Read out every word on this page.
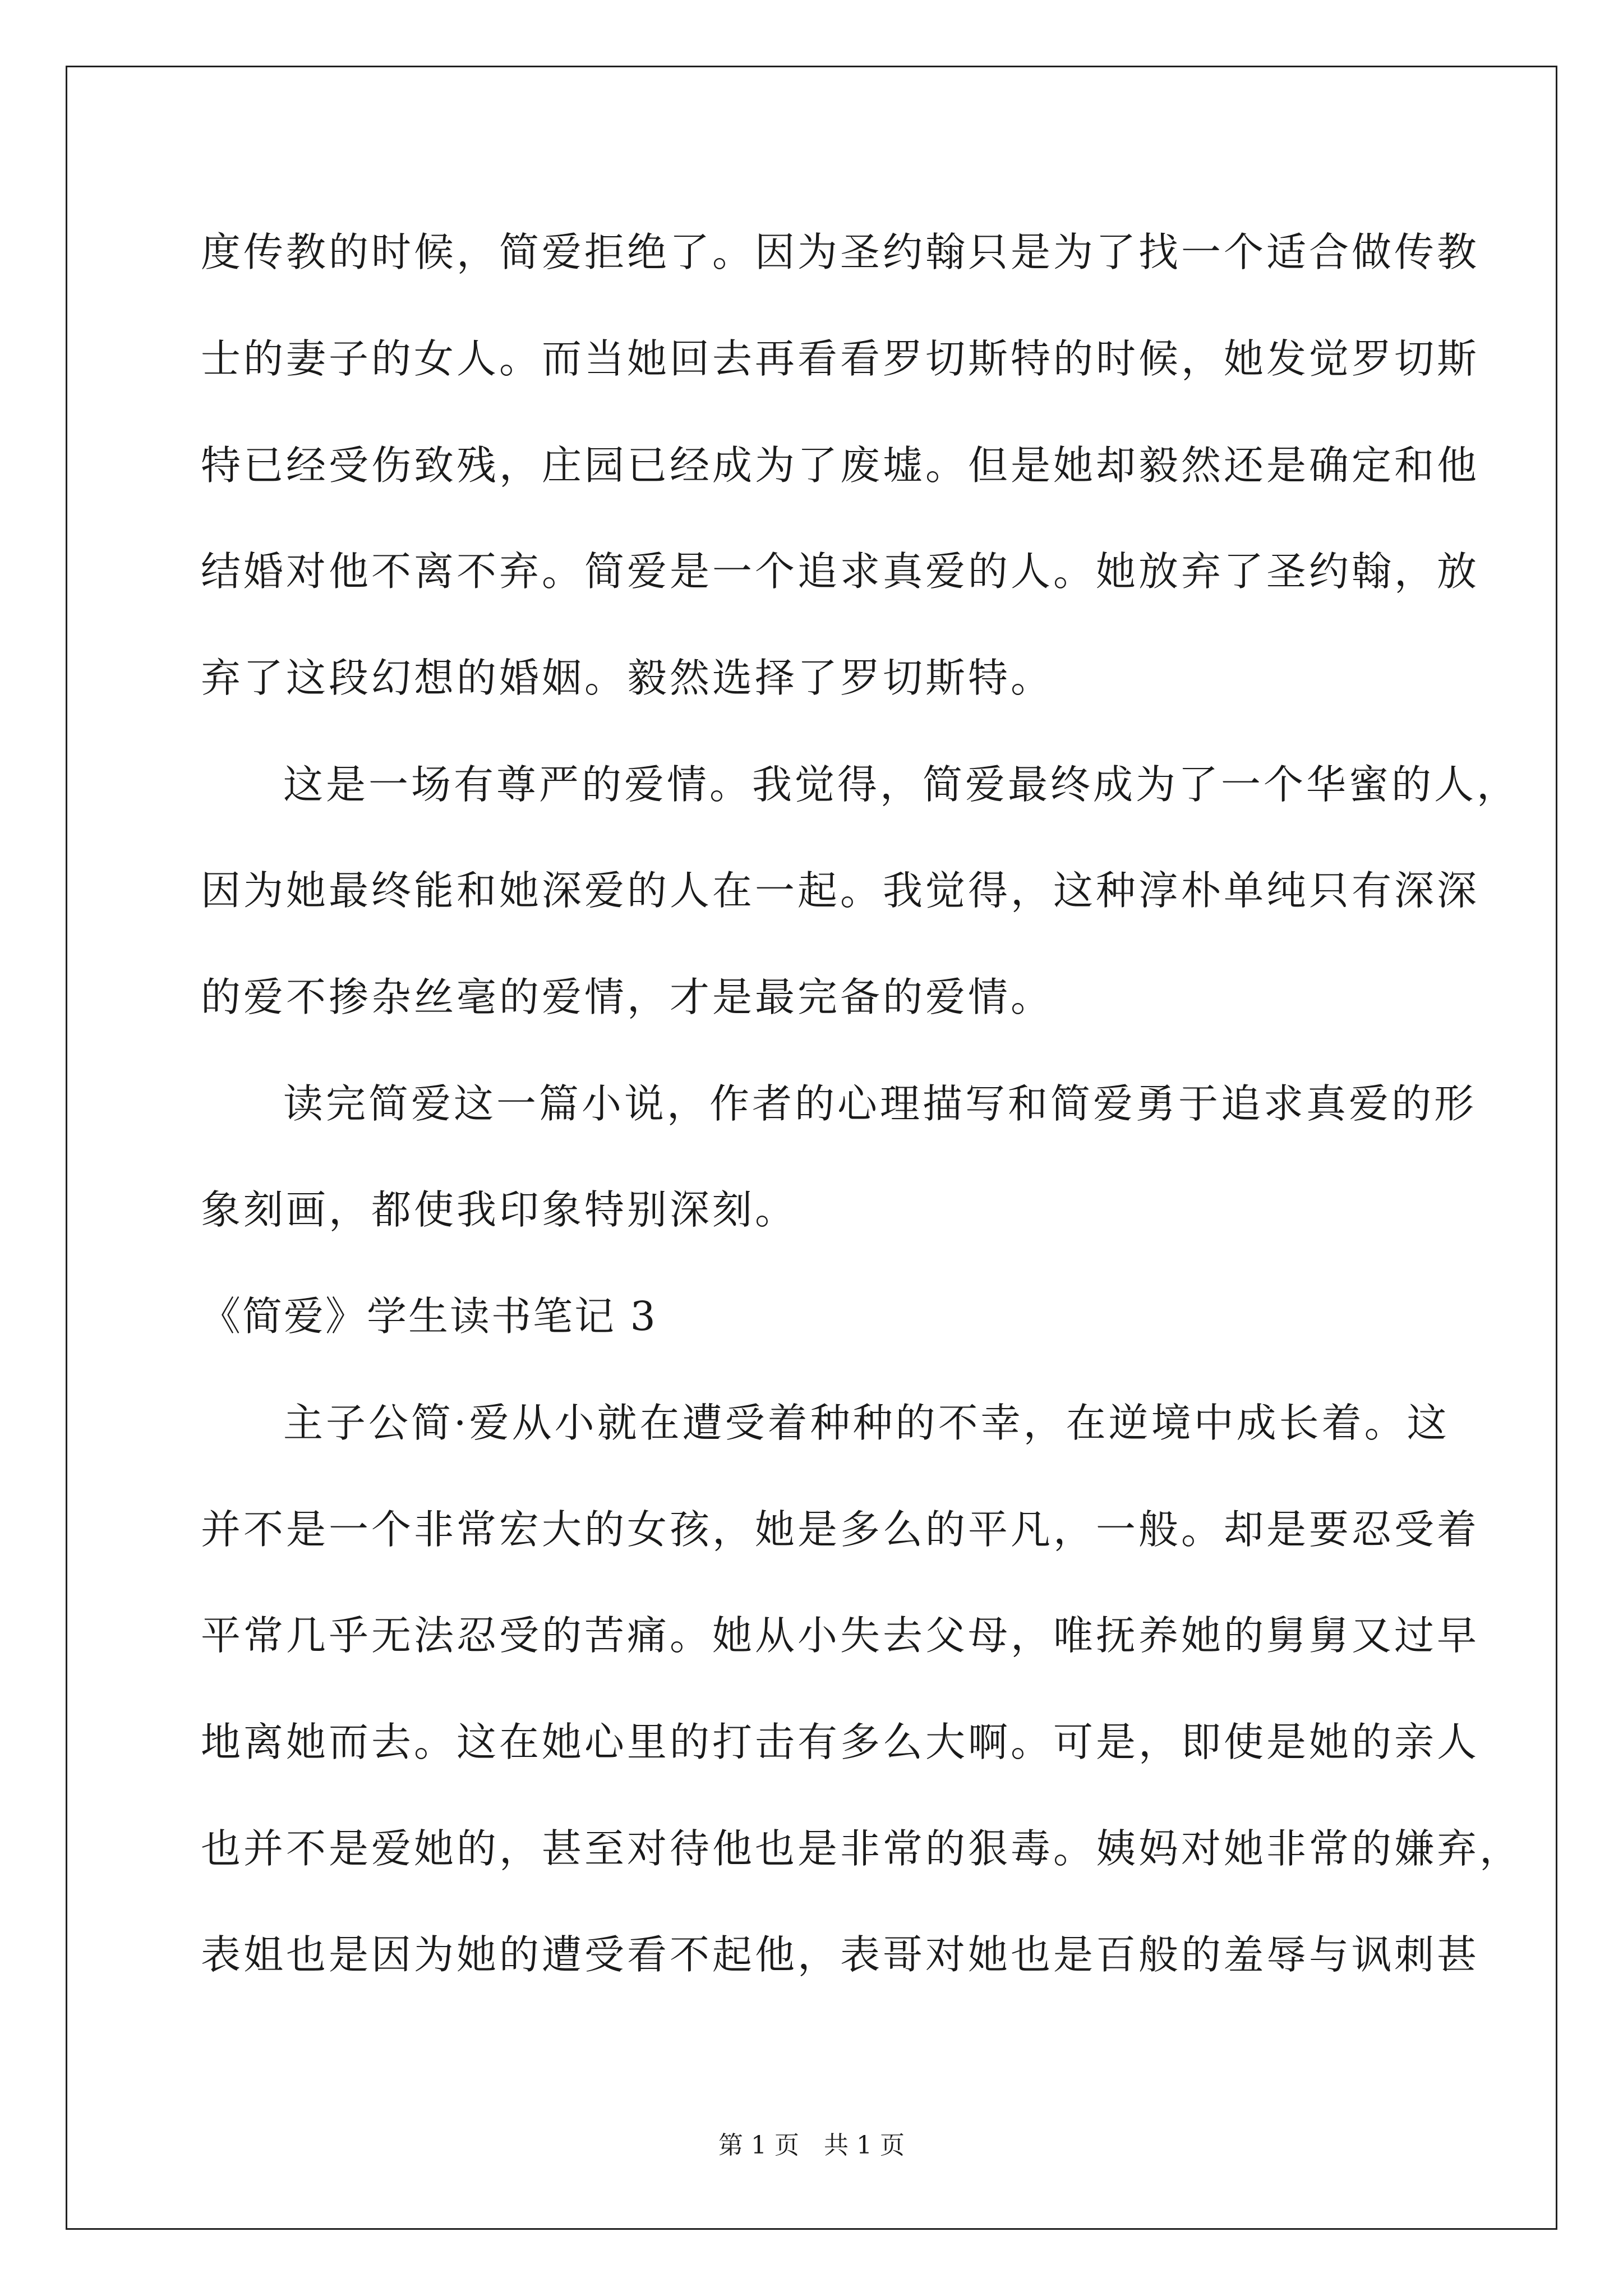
度传教的时候，简爱拒绝了。因为圣约翰只是为了找一个适合做传教
士的妻子的女人。而当她回去再看看罗切斯特的时候，她发觉罗切斯
特已经受伤致残，庄园已经成为了废墟。但是她却毅然还是确定和他
结婚对他不离不弃。简爱是一个追求真爱的人。她放弃了圣约翰，放
弃了这段幻想的婚姻。毅然选择了罗切斯特。
这是一场有尊严的爱情。我觉得，简爱最终成为了一个华蜜的人，
因为她最终能和她深爱的人在一起。我觉得，这种淳朴单纯只有深深
的爱不掺杂丝毫的爱情，才是最完备的爱情。
读完简爱这一篇小说，作者的心理描写和简爱勇于追求真爱的形
象刻画，都使我印象特别深刻。
《简爱》学生读书笔记 3
主子公简·爱从小就在遭受着种种的不幸，在逆境中成长着。这
并不是一个非常宏大的女孩，她是多么的平凡，一般。却是要忍受着
平常几乎无法忍受的苦痛。她从小失去父母，唯抚养她的舅舅又过早
地离她而去。这在她心里的打击有多么大啊。可是，即使是她的亲人
也并不是爱她的，甚至对待他也是非常的狠毒。姨妈对她非常的嫌弃，
表姐也是因为她的遭受看不起他，表哥对她也是百般的羞辱与讽刺甚
第 1 页　共 1 页
